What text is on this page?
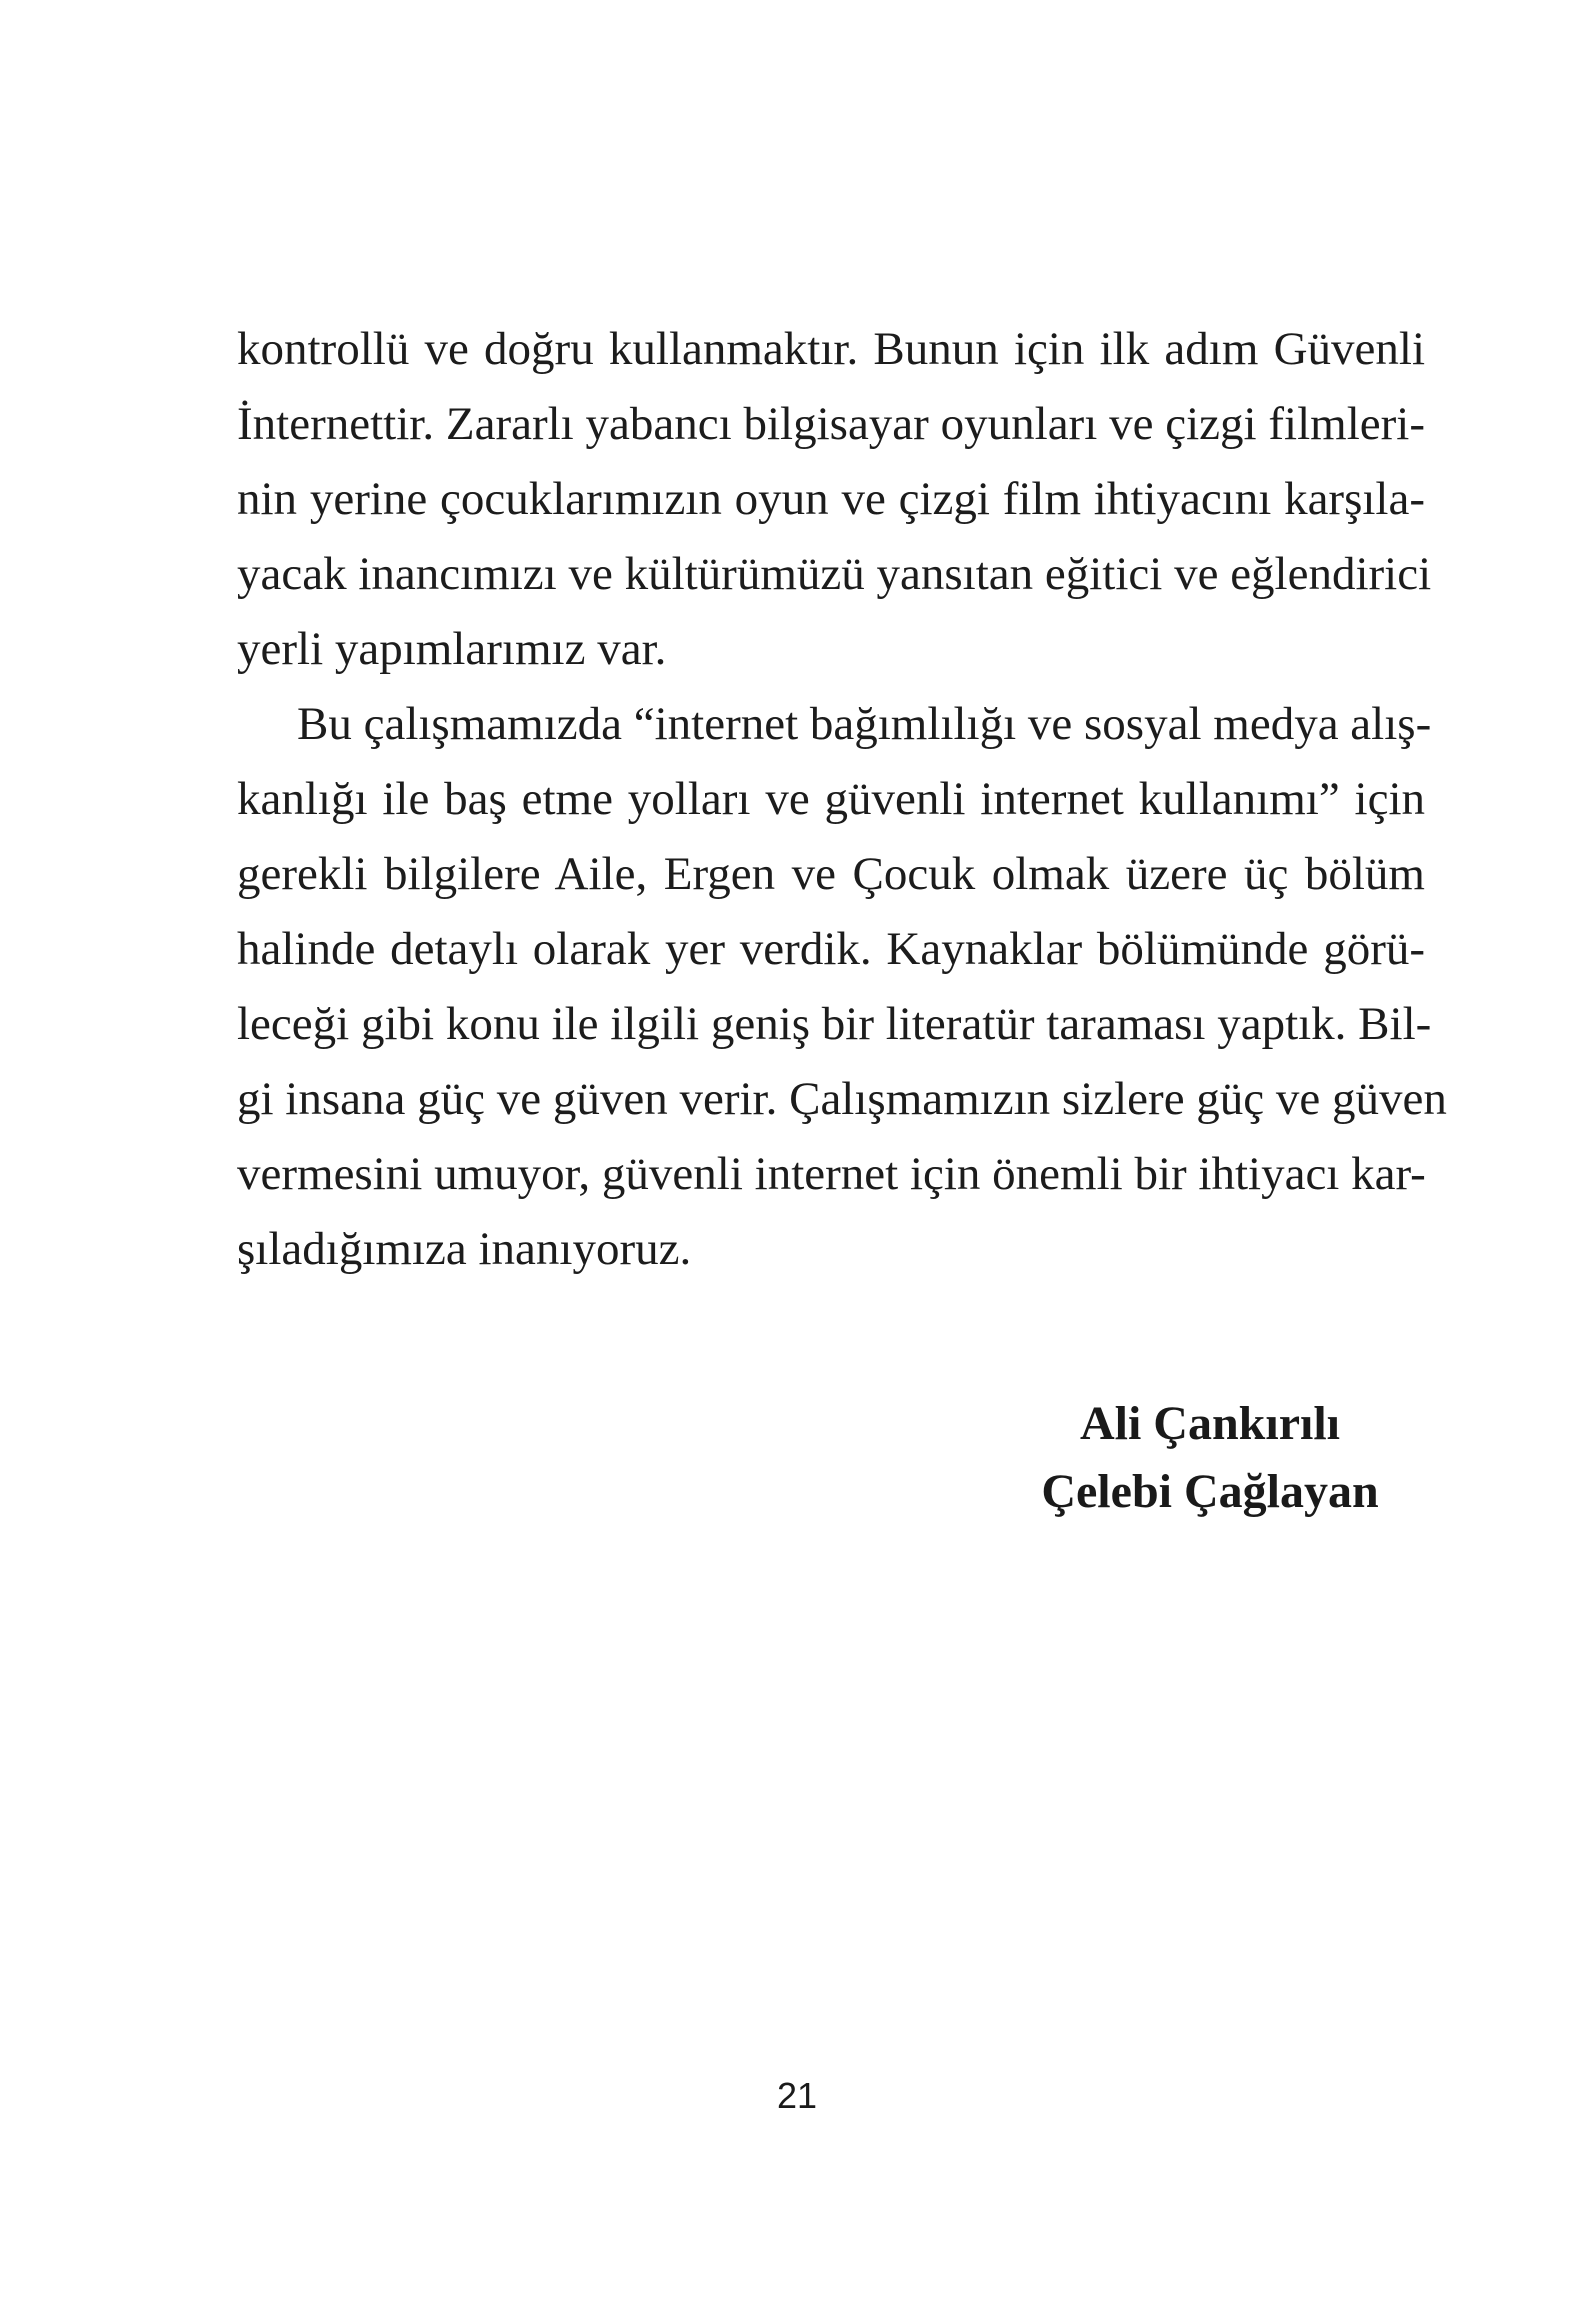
kontrollü ve doğru kullanmaktır. Bunun için ilk adım Güvenli
İnternettir. Zararlı yabancı bilgisayar oyunları ve çizgi filmleri-
nin yerine çocuklarımızın oyun ve çizgi film ihtiyacını karşıla-
yacak inancımızı ve kültürümüzü yansıtan eğitici ve eğlendirici
yerli yapımlarımız var.
Bu çalışmamızda “internet bağımlılığı ve sosyal medya alış-
kanlığı ile baş etme yolları ve güvenli internet kullanımı” için
gerekli bilgilere Aile, Ergen ve Çocuk olmak üzere üç bölüm
halinde detaylı olarak yer verdik. Kaynaklar bölümünde görü-
leceği gibi konu ile ilgili geniş bir literatür taraması yaptık. Bil-
gi insana güç ve güven verir. Çalışmamızın sizlere güç ve güven
vermesini umuyor, güvenli internet için önemli bir ihtiyacı kar-
şıladığımıza inanıyoruz.
Ali Çankırılı
Çelebi Çağlayan
21
